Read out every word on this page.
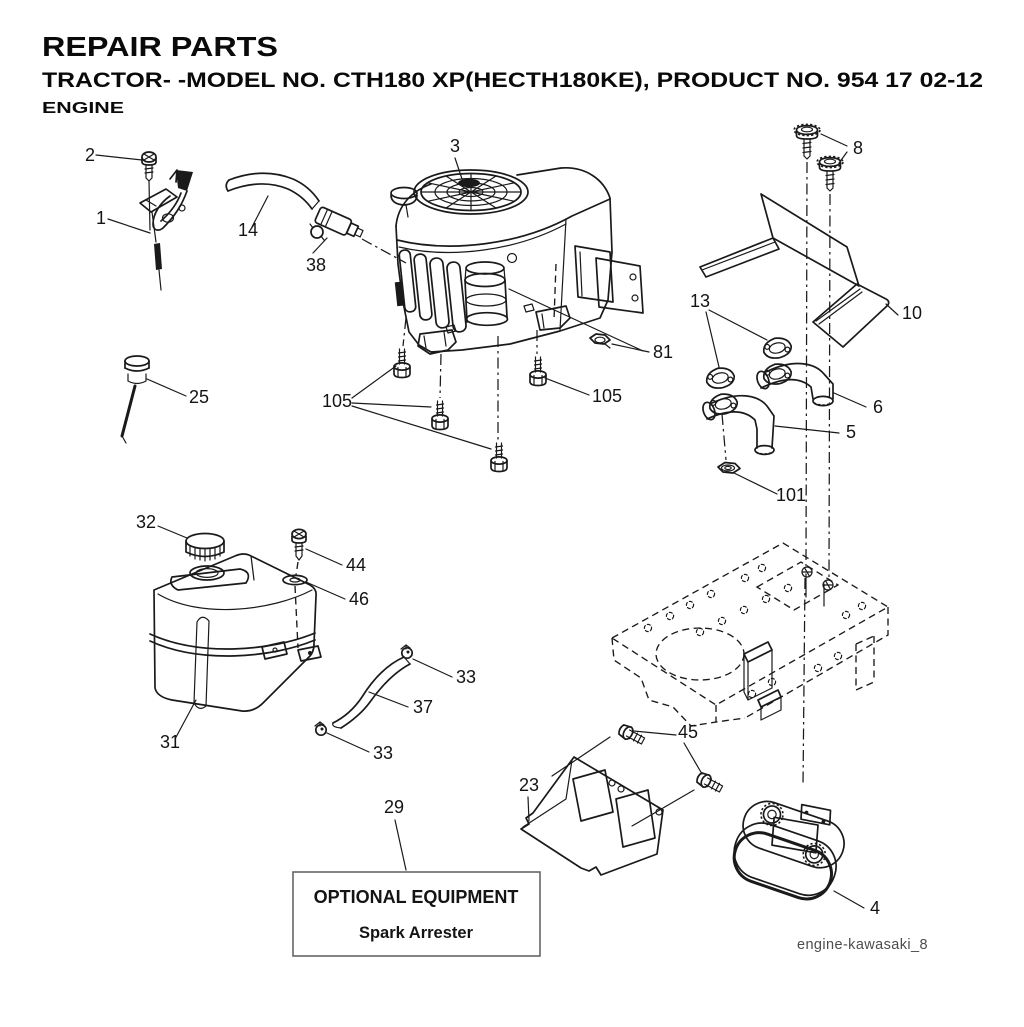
REPAIR PARTS
TRACTOR- -MODEL NO. CTH180 XP(HECTH180KE), PRODUCT NO. 954 17 02-12
ENGINE
2
1
14
38
3	8
10
13
6
5
101
81
105	105
25
32
44
46
33
37
31
33
29
23
45
4
OPTIONAL EQUIPMENT
Spark Arrester
engine-kawasaki_8
